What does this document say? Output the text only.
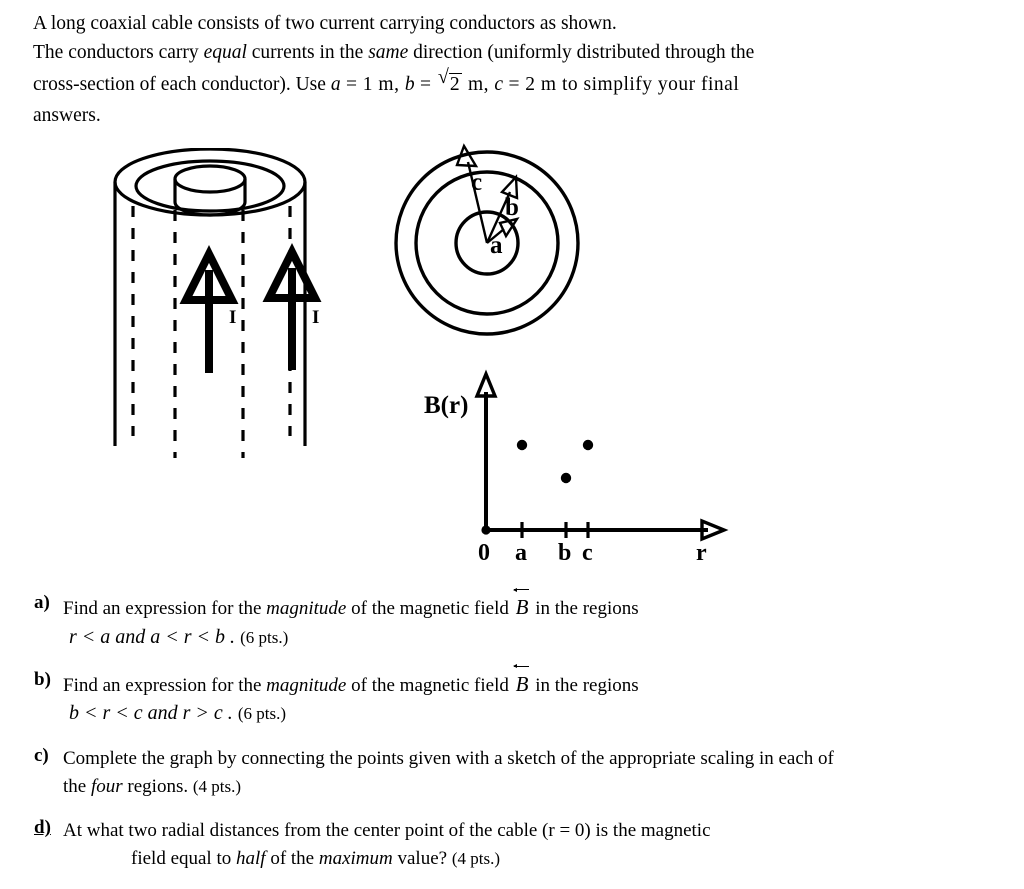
A long coaxial cable consists of two current carrying conductors as shown.
The conductors carry equal currents in the same direction (uniformly distributed through the
cross-section of each conductor). Use a = 1 m, b = √ 2 m, c = 2 m to simplify your final
answers.
I	I
c
b
a
B(r)
0 a b c	r
a) Find an expression for the magnitude of the magnetic field
B in the regions
r < a and a < r < b . (6 pts.)
b) Find an expression for the magnitude of the magnetic field
B in the regions
b < r < c and r > c . (6 pts.)
c) Complete the graph by connecting the points given with a sketch of the appropriate scaling in each of
the four regions. (4 pts.)
d) At what two radial distances from the center point of the cable (r = 0) is the magnetic
field equal to half of the maximum value? (4 pts.)
